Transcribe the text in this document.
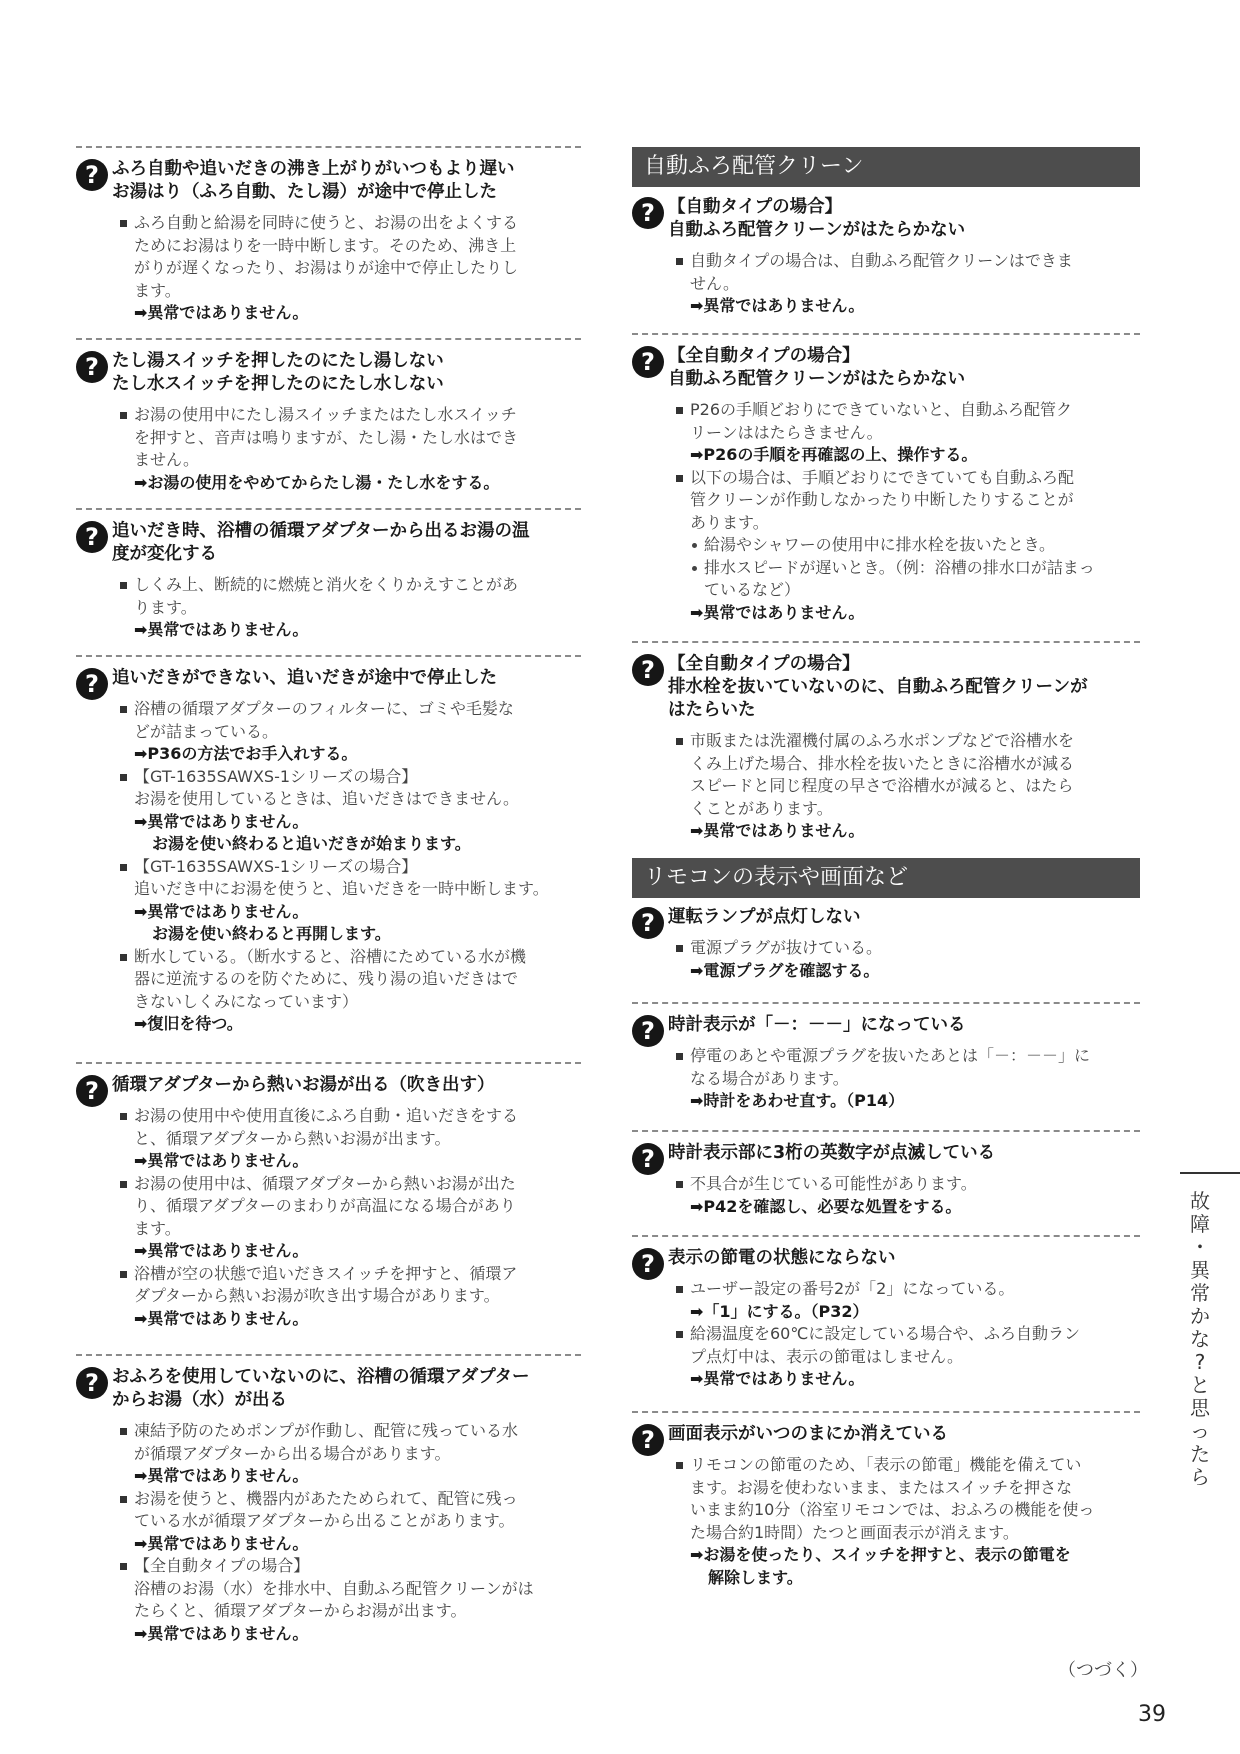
? ふろ自動や追いだきの沸き上がりがいつもより遅い
お湯はり（ふろ自動、たし湯）が途中で停止した
ふろ自動と給湯を同時に使うと、お湯の出をよくする
ためにお湯はりを一時中断します。そのため、沸き上
がりが遅くなったり、お湯はりが途中で停止したりし
ます。
➡異常ではありません。
? たし湯スイッチを押したのにたし湯しない
たし水スイッチを押したのにたし水しない
お湯の使用中にたし湯スイッチまたはたし水スイッチ
を押すと、音声は鳴りますが、たし湯・たし水はでき
ません。
➡お湯の使用をやめてからたし湯・たし水をする。
? 追いだき時、浴槽の循環アダプターから出るお湯の温
度が変化する
しくみ上、断続的に燃焼と消火をくりかえすことがあ
ります。
➡異常ではありません。
? 追いだきができない、追いだきが途中で停止した
浴槽の循環アダプターのフィルターに、ゴミや毛髪な
どが詰まっている。
➡P36の方法でお手入れする。
【GT-1635SAWXS-1シリーズの場合】
お湯を使用しているときは、追いだきはできません。
➡異常ではありません。
お湯を使い終わると追いだきが始まります。
【GT-1635SAWXS-1シリーズの場合】
追いだき中にお湯を使うと、追いだきを一時中断します。
➡異常ではありません。
お湯を使い終わると再開します。
断水している。（断水すると、浴槽にためている水が機
器に逆流するのを防ぐために、残り湯の追いだきはで
きないしくみになっています）
➡復旧を待つ。
? 循環アダプターから熱いお湯が出る（吹き出す）
お湯の使用中や使用直後にふろ自動・追いだきをする
と、循環アダプターから熱いお湯が出ます。
➡異常ではありません。
お湯の使用中は、循環アダプターから熱いお湯が出た
り、循環アダプターのまわりが高温になる場合があり
ます。
➡異常ではありません。
浴槽が空の状態で追いだきスイッチを押すと、循環ア
ダプターから熱いお湯が吹き出す場合があります。
➡異常ではありません。
? おふろを使用していないのに、浴槽の循環アダプター
からお湯（水）が出る
凍結予防のためポンプが作動し、配管に残っている水
が循環アダプターから出る場合があります。
➡異常ではありません。
お湯を使うと、機器内があたためられて、配管に残っ
ている水が循環アダプターから出ることがあります。
➡異常ではありません。
【全自動タイプの場合】
浴槽のお湯（水）を排水中、自動ふろ配管クリーンがは
たらくと、循環アダプターからお湯が出ます。
➡異常ではありません。
自動ふろ配管クリーン
? 【自動タイプの場合】
自動ふろ配管クリーンがはたらかない
自動タイプの場合は、自動ふろ配管クリーンはできま
せん。
➡異常ではありません。
? 【全自動タイプの場合】
自動ふろ配管クリーンがはたらかない
P26の手順どおりにできていないと、自動ふろ配管ク
リーンははたらきません。
➡P26の手順を再確認の上、操作する。
以下の場合は、手順どおりにできていても自動ふろ配
管クリーンが作動しなかったり中断したりすることが
あります。
給湯やシャワーの使用中に排水栓を抜いたとき。
排水スピードが遅いとき。（例：浴槽の排水口が詰まっ
ているなど）
➡異常ではありません。
? 【全自動タイプの場合】
排水栓を抜いていないのに、自動ふろ配管クリーンが
はたらいた
市販または洗濯機付属のふろ水ポンプなどで浴槽水を
くみ上げた場合、排水栓を抜いたときに浴槽水が減る
スピードと同じ程度の早さで浴槽水が減ると、はたら
くことがあります。
➡異常ではありません。
リモコンの表示や画面など
? 運転ランプが点灯しない
電源プラグが抜けている。
➡電源プラグを確認する。
? 時計表示が「－：－－」になっている
停電のあとや電源プラグを抜いたあとは「－：－－」に
なる場合があります。
➡時計をあわせ直す。（P14）
? 時計表示部に3桁の英数字が点滅している
不具合が生じている可能性があります。
➡P42を確認し、必要な処置をする。
? 表示の節電の状態にならない
ユーザー設定の番号2が「2」になっている。
➡「1」にする。（P32）
給湯温度を60℃に設定している場合や、ふろ自動ラン
プ点灯中は、表示の節電はしません。
➡異常ではありません。
? 画面表示がいつのまにか消えている
リモコンの節電のため、「表示の節電」機能を備えてい
ます。お湯を使わないまま、またはスイッチを押さな
いまま約10分（浴室リモコンでは、おふろの機能を使っ
た場合約1時間）たつと画面表示が消えます。
➡お湯を使ったり、スイッチを押すと、表示の節電を
解除します。
故
障
・
異
常
か
な
?
と
思
っ
た
ら
（つづく）
39
